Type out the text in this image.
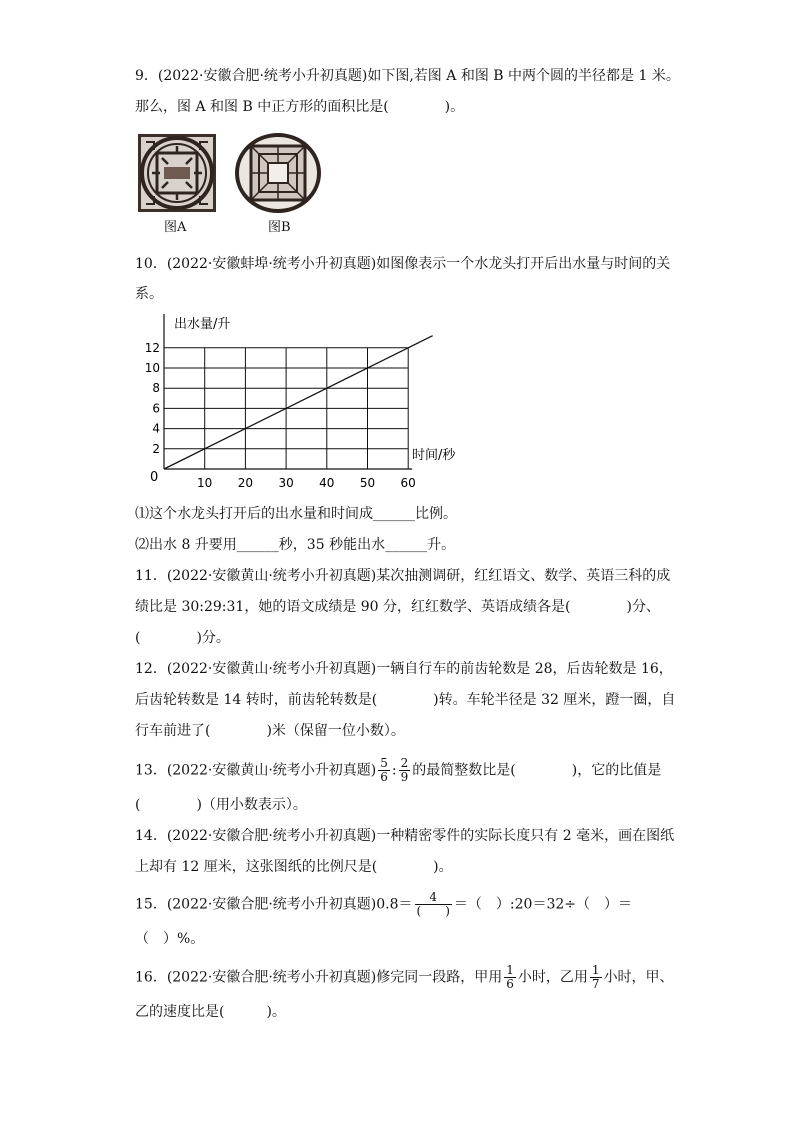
9．(2022·安徽合肥·统考小升初真题)如下图,若图 A 和图 B 中两个圆的半径都是 1 米。
那么，图 A 和图 B 中正方形的面积比是(　　　　)。
图A	图B
10．(2022·安徽蚌埠·统考小升初真题)如图像表示一个水龙头打开后出水量与时间的关
系。
10 20 30 40 50 60
2
4
6
8
10
12
出水量/升
时间/秒
0
⑴这个水龙头打开后的出水量和时间成______比例。
⑵出水 8 升要用______秒，35 秒能出水______升。
11．(2022·安徽黄山·统考小升初真题)某次抽测调研，红红语文、数学、英语三科的成
绩比是 30:29:31，她的语文成绩是 90 分，红红数学、英语成绩各是(　　　　)分、
(　　　　)分。
12．(2022·安徽黄山·统考小升初真题)一辆自行车的前齿轮数是 28，后齿轮数是 16，
后齿轮转数是 14 转时，前齿轮转数是(　　　　)转。车轮半径是 32 厘米，蹬一圈，自
行车前进了(　　　　)米（保留一位小数）。
13．(2022·安徽黄山·统考小升初真题) $\frac{5}{6}$ : $\frac{2}{9}$ 的最简整数比是(　　　　)，它的比值是
(　　　　)（用小数表示）。
14．(2022·安徽合肥·统考小升初真题)一种精密零件的实际长度只有 2 毫米，画在图纸
上却有 12 厘米，这张图纸的比例尺是(　　　　)。
15．(2022·安徽合肥·统考小升初真题)$0.8= \frac{4}{( )}$ ＝（　）:20＝32÷（　）＝
（　）%。
16．(2022·安徽合肥·统考小升初真题)修完同一段路，甲用 $\frac{1}{6}$ 小时，乙用 $\frac{1}{7}$ 小时，甲、
乙的速度比是(　　　)。
